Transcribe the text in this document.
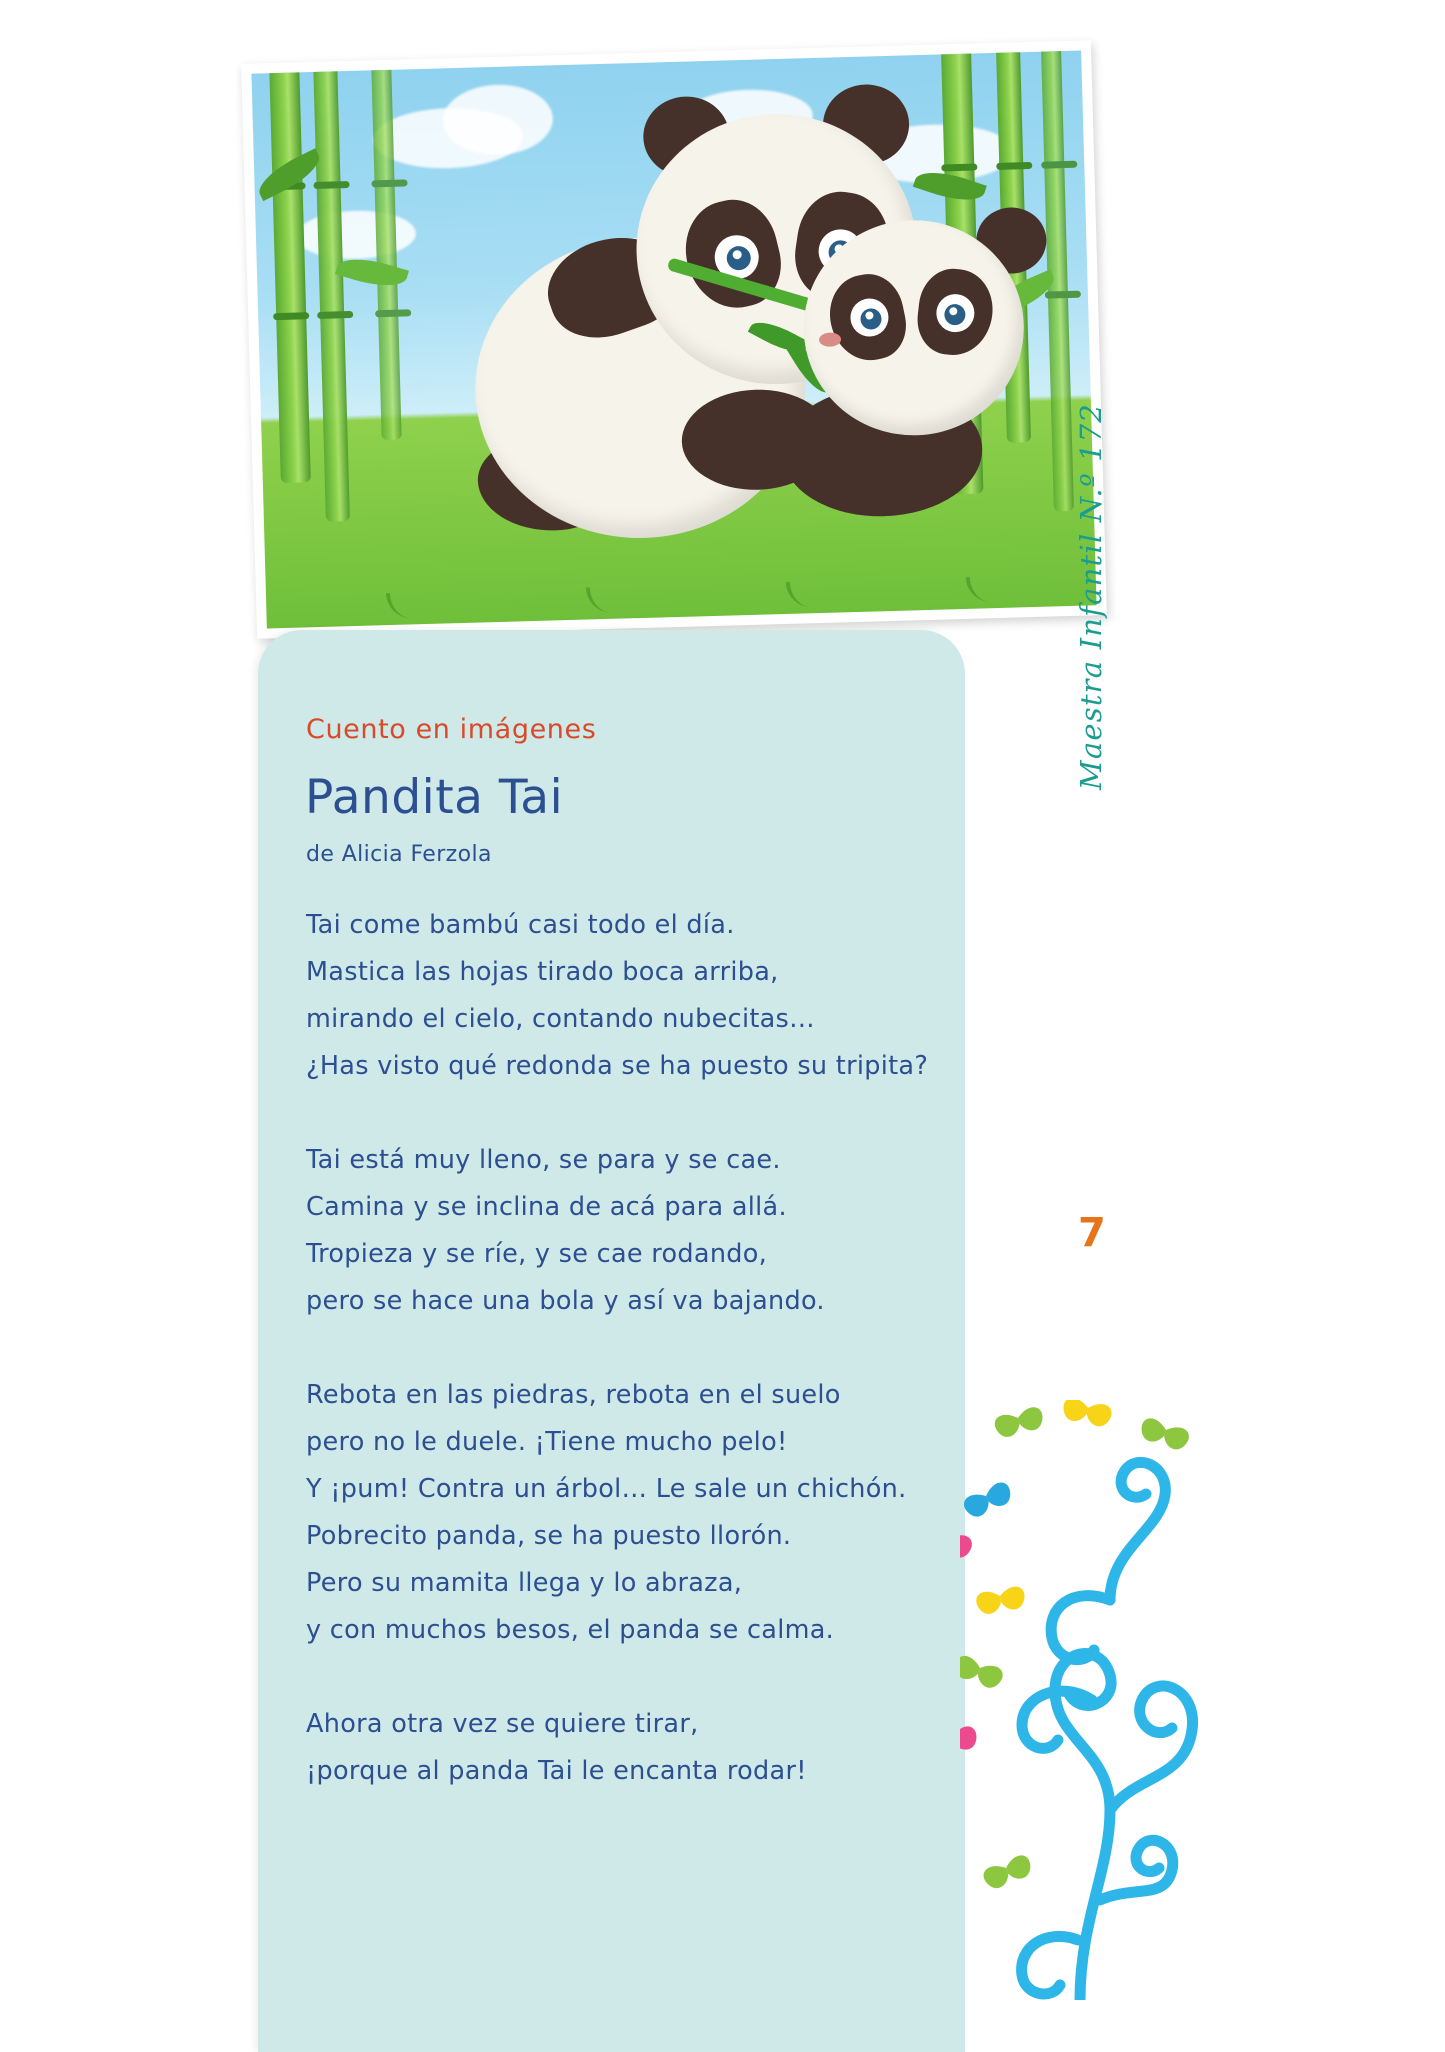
Cuento en imágenes
Pandita Tai
de Alicia Ferzola

Tai come bambú casi todo el día.
Mastica las hojas tirado boca arriba,
mirando el cielo, contando nubecitas…
¿Has visto qué redonda se ha puesto su tripita?

Tai está muy lleno, se para y se cae.
Camina y se inclina de acá para allá.
Tropieza y se ríe, y se cae rodando,
pero se hace una bola y así va bajando.

Rebota en las piedras, rebota en el suelo
pero no le duele. ¡Tiene mucho pelo!
Y ¡pum! Contra un árbol… Le sale un chichón.
Pobrecito panda, se ha puesto llorón.
Pero su mamita llega y lo abraza,
y con muchos besos, el panda se calma.

Ahora otra vez se quiere tirar,
¡porque al panda Tai le encanta rodar!

Maestra Infantil N.º 172
7
